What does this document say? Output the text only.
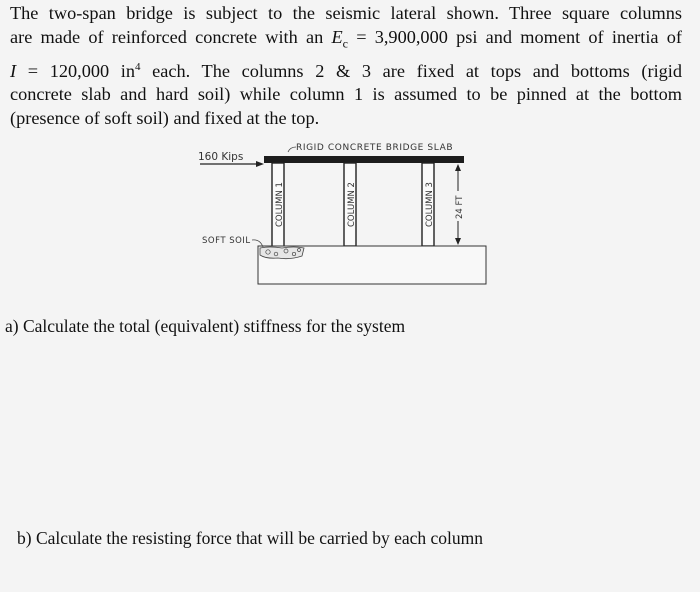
The two-span bridge is subject to the seismic lateral shown. Three square columns
are made of reinforced concrete with an $E_c = 3,900,000$ psi and moment of inertia of
I = 120,000 $in^4$ each. The columns 2 & 3 are fixed at tops and bottoms (rigid
concrete slab and hard soil) while column 1 is assumed to be pinned at the bottom
(presence of soft soil) and fixed at the top.
160 Kips
RIGID CONCRETE BRIDGE SLAB
COLUMN 1	COLUMN 2	COLUMN 3
SOFT SOIL
24 FT
a) Calculate the total (equivalent) stiffness for the system
b) Calculate the resisting force that will be carried by each column
